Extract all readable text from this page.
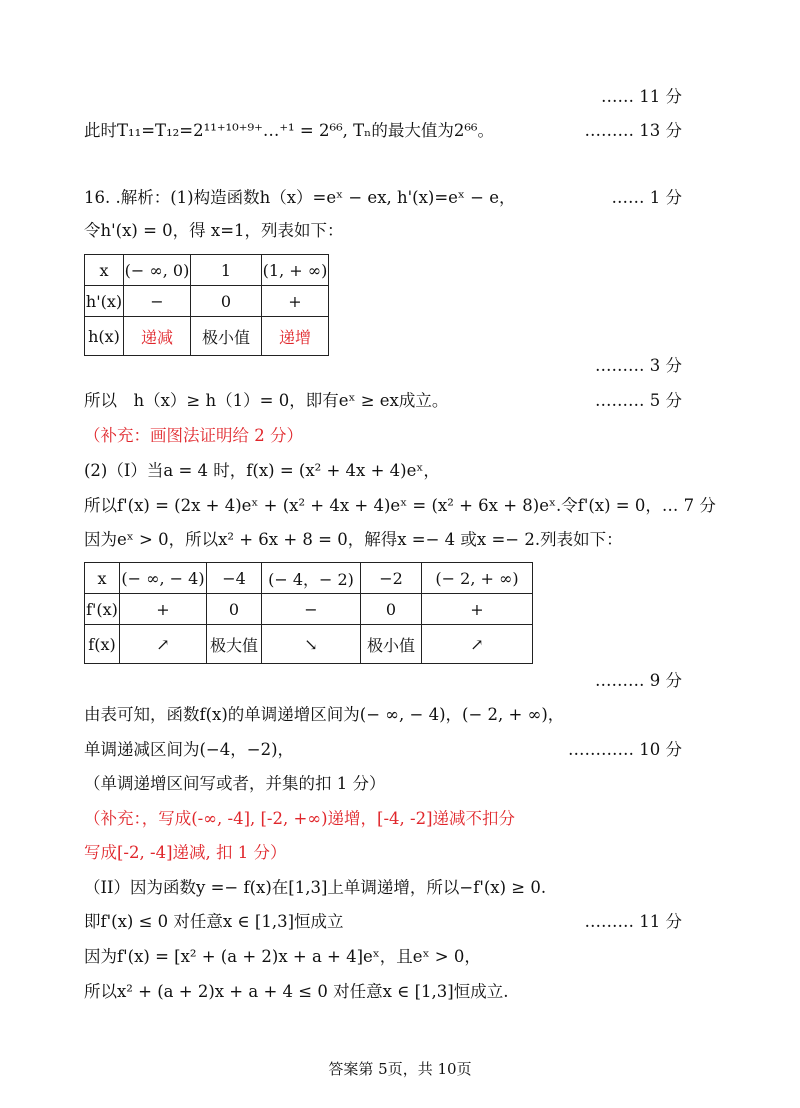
…… 11 分
此时T₁₁=T₁₂=2¹¹⁺¹⁰⁺⁹⁺…⁺¹ = 2⁶⁶, Tₙ的最大值为2⁶⁶。	……… 13 分
16. .解析：(1)构造函数h（x）=eˣ − ex, h'(x)=eˣ − e，	…… 1 分
令h'(x) = 0，得 x=1，列表如下：
x	(− ∞, 0)	1	(1, + ∞)
h'(x)	−	0	+
h(x)	递减	极小值	递增
……… 3 分
所以　h（x）≥ h（1）= 0，即有eˣ ≥ ex成立。	……… 5 分
（补充：画图法证明给 2 分）
(2)（I）当a = 4 时，f(x) = (x² + 4x + 4)eˣ，
所以f'(x) = (2x + 4)eˣ + (x² + 4x + 4)eˣ = (x² + 6x + 8)eˣ.令f'(x) = 0，… 7 分
因为eˣ > 0，所以x² + 6x + 8 = 0，解得x =− 4 或x =− 2.列表如下：
x	(− ∞, − 4)	−4	(− 4，− 2)	−2	(− 2, + ∞)
f'(x)	+	0	−	0	+
f(x)	↗	极大值	↘	极小值	↗
……… 9 分
由表可知，函数f(x)的单调递增区间为(− ∞, − 4)，(− 2, + ∞)，
单调递减区间为(−4，−2)，	………… 10 分
（单调递增区间写或者，并集的扣 1 分）
（补充：，写成(-∞, -4], [-2, +∞)递增，[-4, -2]递减不扣分
写成[-2, -4]递减, 扣 1 分）
（II）因为函数y =− f(x)在[1,3]上单调递增，所以−f'(x) ≥ 0.
即f'(x) ≤ 0 对任意x ∈ [1,3]恒成立	……… 11 分
因为f'(x) = [x² + (a + 2)x + a + 4]eˣ，且eˣ > 0，
所以x² + (a + 2)x + a + 4 ≤ 0 对任意x ∈ [1,3]恒成立.
答案第 5页，共 10页
